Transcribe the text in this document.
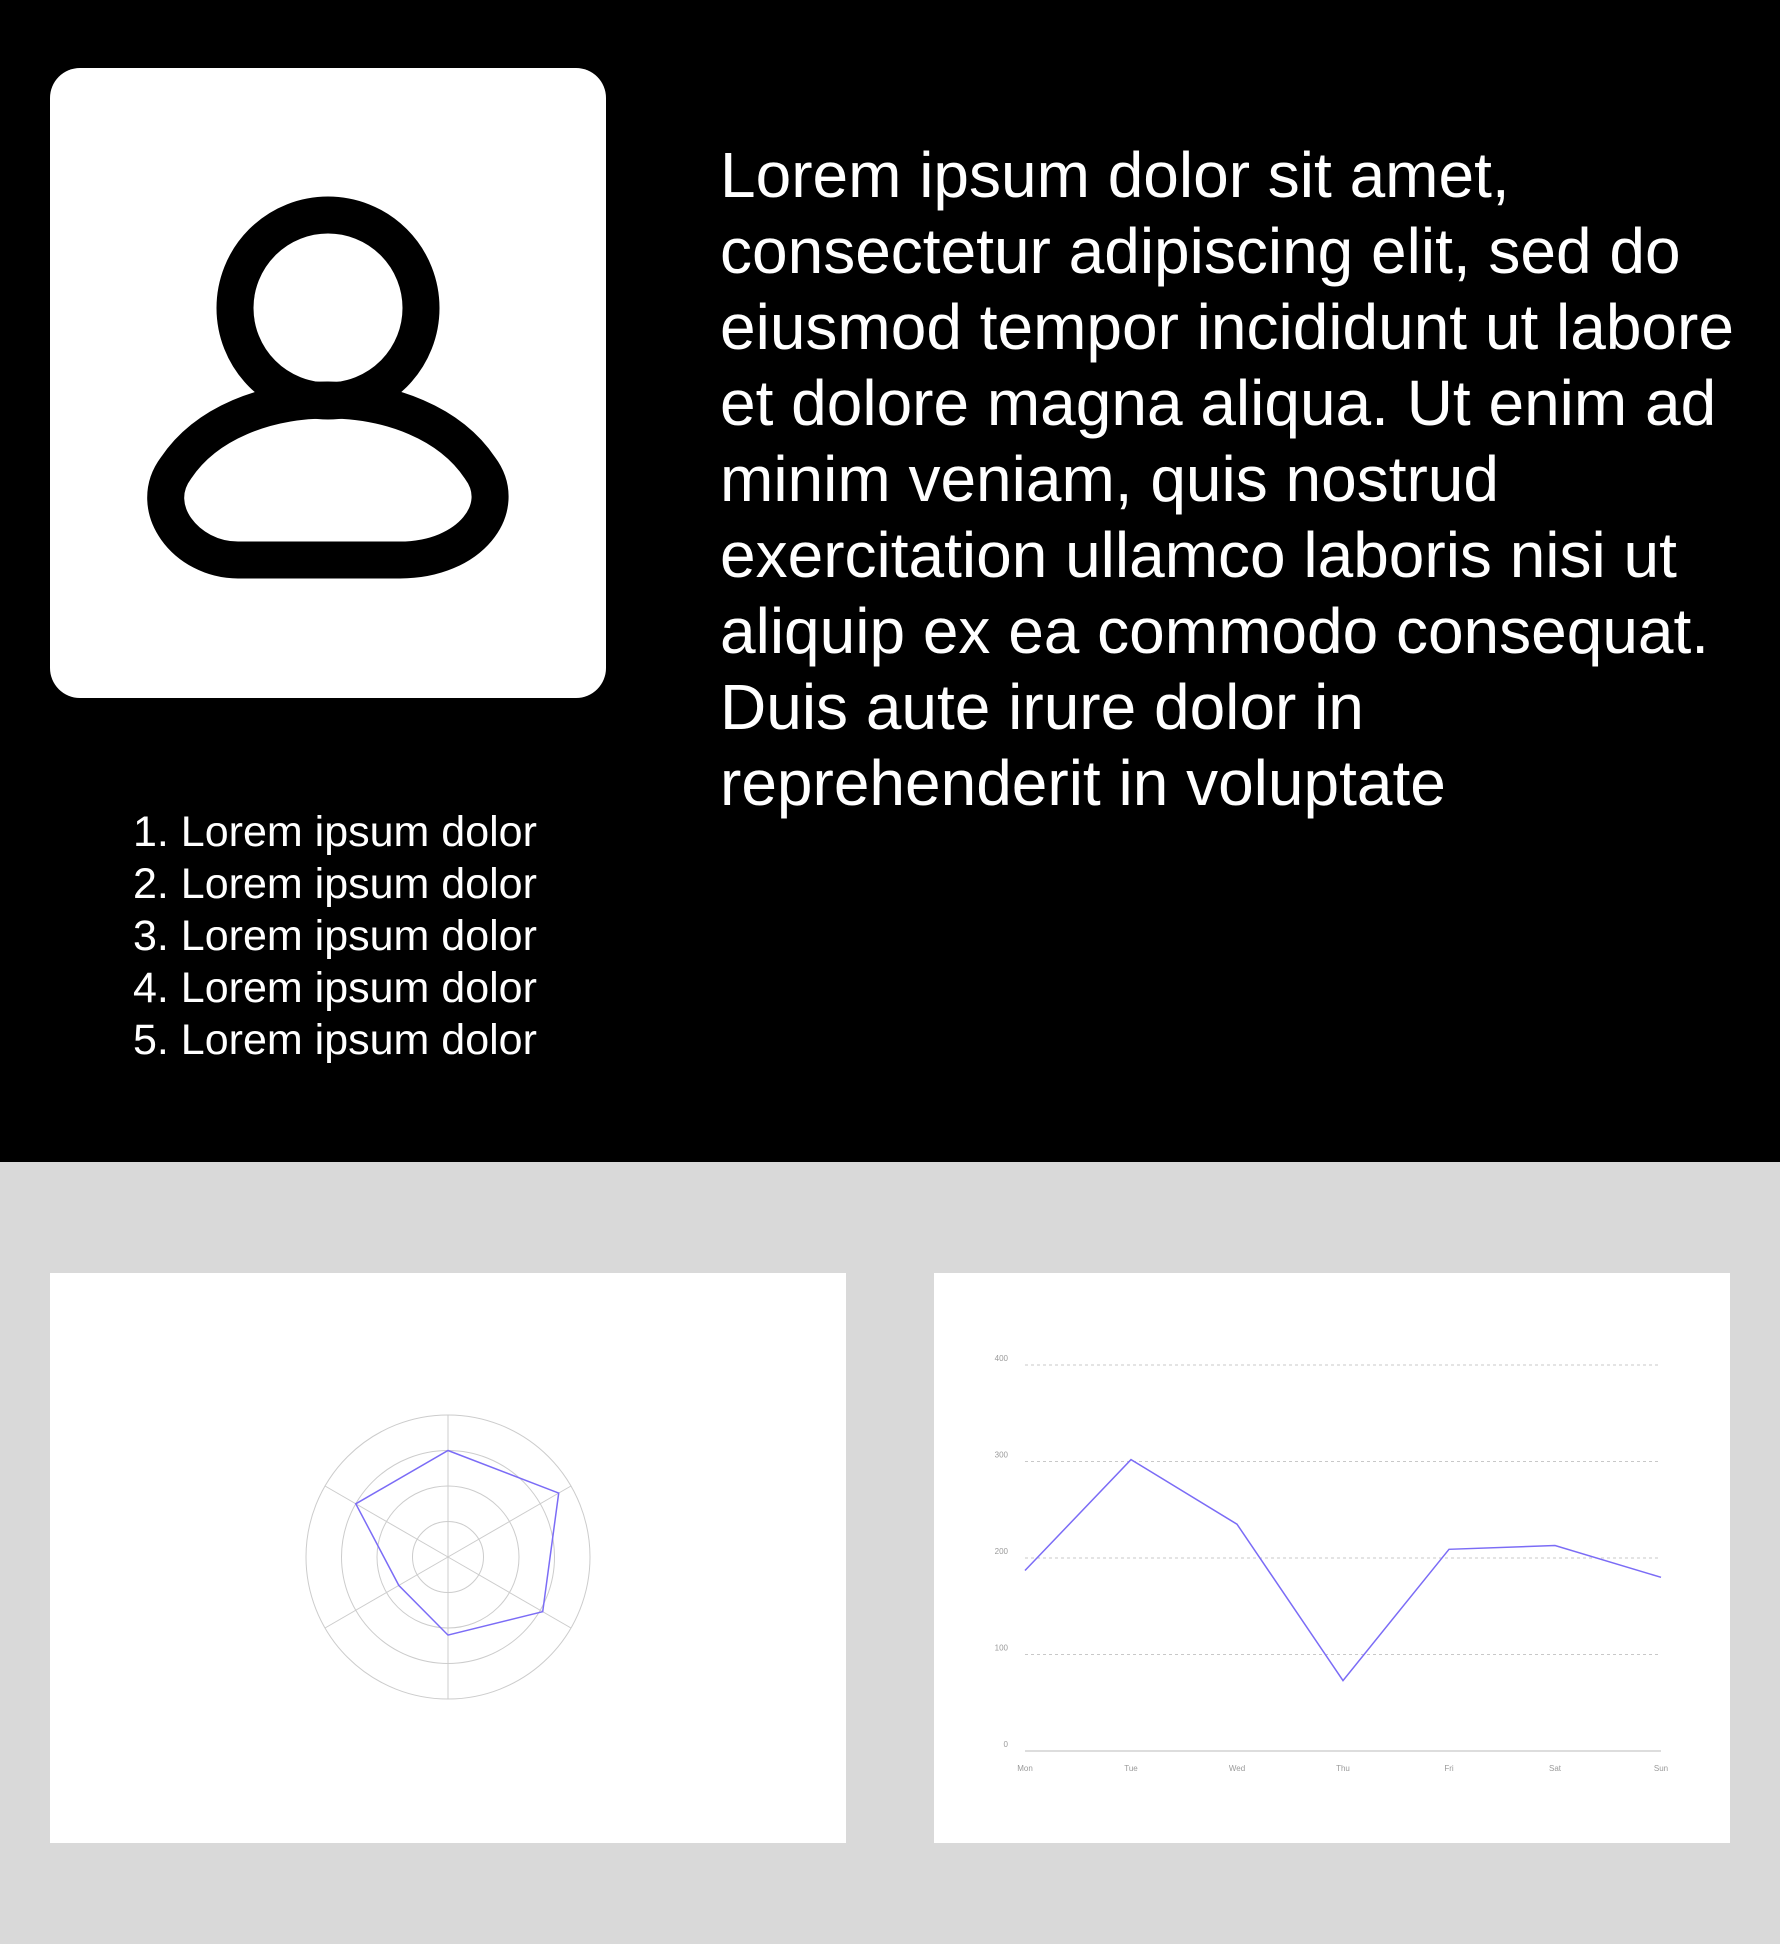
1. Lorem ipsum dolor
2. Lorem ipsum dolor
3. Lorem ipsum dolor
4. Lorem ipsum dolor
5. Lorem ipsum dolor

Lorem ipsum dolor sit amet, consectetur adipiscing elit, sed do eiusmod tempor incididunt ut labore et dolore magna aliqua. Ut enim ad minim veniam, quis nostrud exercitation ullamco laboris nisi ut aliquip ex ea commodo consequat. Duis aute irure dolor in reprehenderit in voluptate

0
100
200
300
400
Mon	Tue	Wed	Thu	Fri	Sat	Sun
